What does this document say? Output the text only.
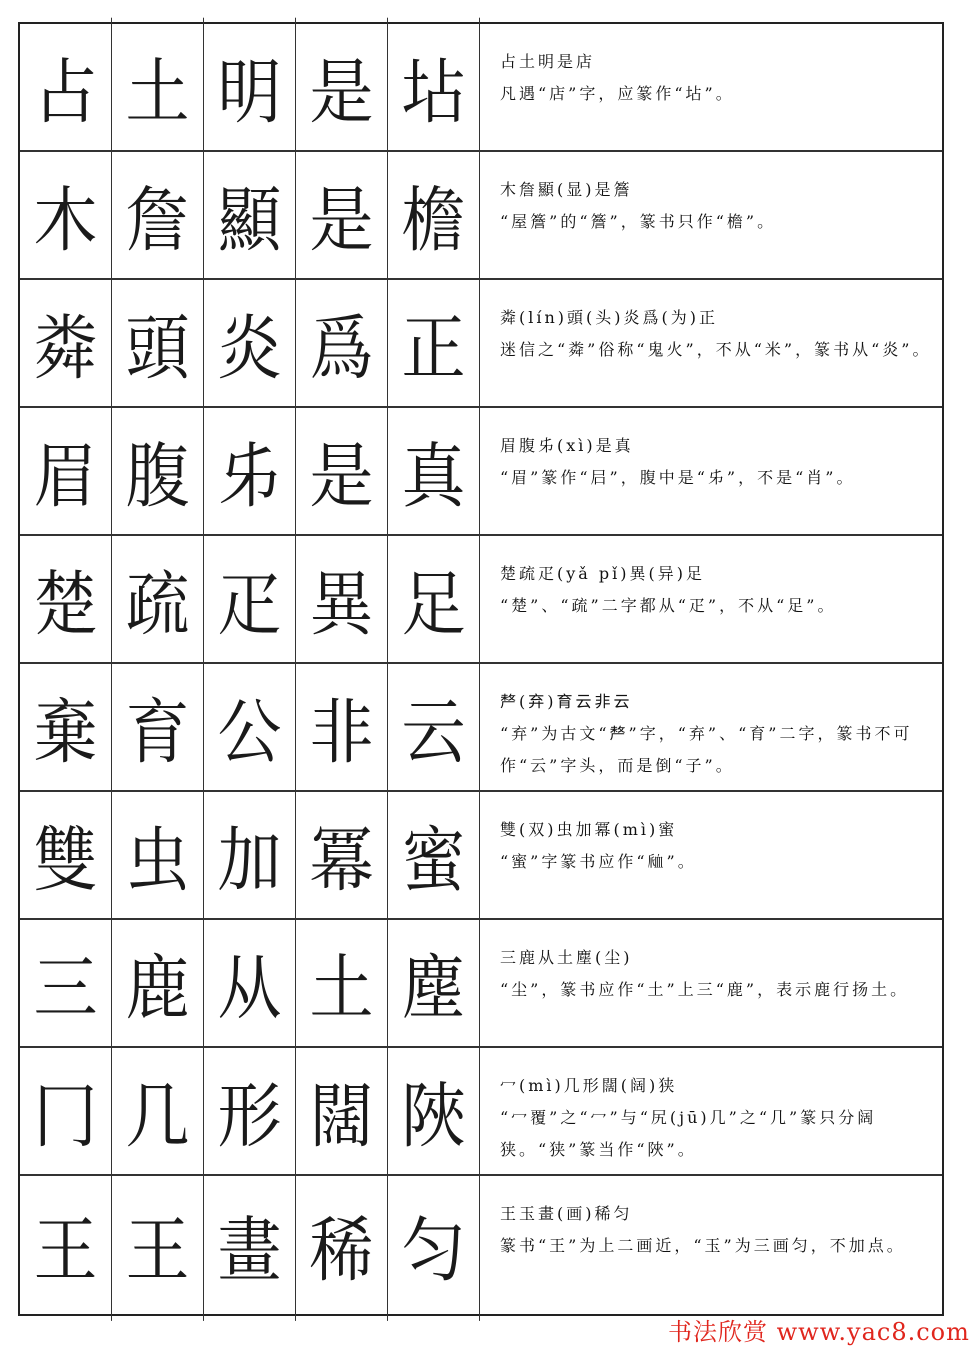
占 土 明 是 坫	占土明是店
凡遇“店”字，应篆作“坫”。
木 詹 顯 是 檐	木詹顯(显)是簷
“屋簷”的“簷”，篆书只作“檐”。
粦 頭 炎 爲 正	粦(lín)頭(头)炎爲(为)正
迷信之“粦”俗称“鬼火”，不从“米”，篆书从“炎”。
眉 腹 𠂔 是 真	眉腹𠂔(xì)是真
“眉”篆作“𡰪”，腹中是“𠂔”，不是“肖”。
楚 疏 疋 異 足	楚疏疋(yǎ pǐ)異(异)足
“楚”、“疏”二字都从“疋”，不从“足”。
棄 育 公 非 云	𠩺(弃)育云非云
“弃”为古文“𠩺”字，“弃”、“育”二字，篆书不可作“云”字头，而是倒“子”。
雙 虫 加 冪 蜜	雙(双)虫加冪(mì)蜜
“蜜”字篆书应作“𧖴”。
三 鹿 从 土 塵	三鹿从土塵(尘)
“尘”，篆书应作“土”上三“鹿”，表示鹿行扬土。
冂 几 形 闊 陜	冖(mì)几形闊(阔)狭
“冖覆”之“冖”与“尻(jū)几”之“几”篆只分阔狭。“狭”篆当作“陜”。
王 王 畫 稀 匀	王玉畫(画)稀匀
篆书“王”为上二画近，“玉”为三画匀，不加点。
书法欣赏 www.yac8.com
